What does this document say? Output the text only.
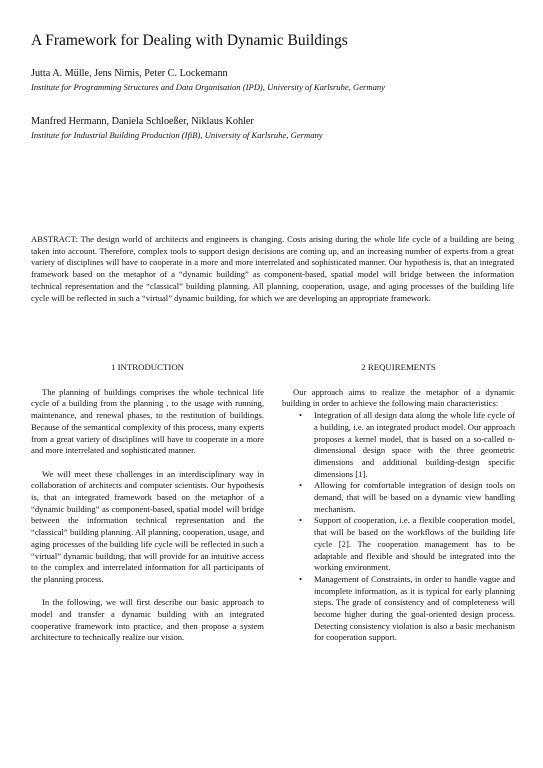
A Framework for Dealing with Dynamic Buildings
Jutta A. Mülle, Jens Nimis, Peter C. Lockemann
Institute for Programming Structures and Data Organisation (IPD), University of Karlsruhe, Germany
Manfred Hermann, Daniela Schloeßer, Niklaus Kohler
Institute for Industrial Building Production (IfiB), University of Karlsruhe, Germany

ABSTRACT: The design world of architects and engineers is changing. Costs arising during the whole life cycle of a building are being taken into account. Therefore, complex tools to support design decisions are coming up, and an increasing number of experts from a great variety of disciplines will have to cooperate in a more and more interrelated and sophisticated manner. Our hypothesis is, that an integrated framework based on the metaphor of a “dynamic building” as component-based, spatial model will bridge between the information technical representation and the “classical” building planning. All planning, cooperation, usage, and aging processes of the building life cycle will be reflected in such a “virtual” dynamic building, for which we are developing an appropriate framework.

1 INTRODUCTION

The planning of buildings comprises the whole technical life cycle of a building from the planning , to the usage with running, maintenance, and renewal phases, to the restitution of buildings. Because of the semantical complexity of this process, many experts from a great variety of disciplines will have to cooperate in a more and more interrelated and sophisticated manner.

We will meet these challenges in an interdisciplinary way in collaboration of architects and computer scientists. Our hypothesis is, that an integrated framework based on the metaphor of a “dynamic building” as component-based, spatial model will bridge between the information technical representation and the “classical” building planning. All planning, cooperation, usage, and aging processes of the building life cycle will be reflected in such a “virtual” dynamic building, that will provide for an intuitive access to the complex and interrelated information for all participants of the planning process.

In the following, we will first describe our basic approach to model and transfer a dynamic building with an integrated cooperative framework into practice, and then propose a system architecture to technically realize our vision.

2 REQUIREMENTS

Our approach aims to realize the metaphor of a dynamic building in order to achieve the following main characteristics:

• Integration of all design data along the whole life cycle of a building, i.e. an integrated product model. Our approach proposes a kernel model, that is based on a so-called n-dimensional design space with the three geometric dimensions and additional building-design specific dimensions [1].
• Allowing for comfortable integration of design tools on demand, that will be based on a dynamic view handling mechanism.
• Support of cooperation, i.e. a flexible cooperation model, that will be based on the workflows of the building life cycle [2]. The cooperation management has to be adaptable and flexible and should be integrated into the working environment.
• Management of Constraints, in order to handle vague and incomplete information, as it is typical for early planning steps. The grade of consistency and of completeness will become higher during the goal-oriented design process. Detecting consistency violation is also a basic mechanism for cooperation support.
